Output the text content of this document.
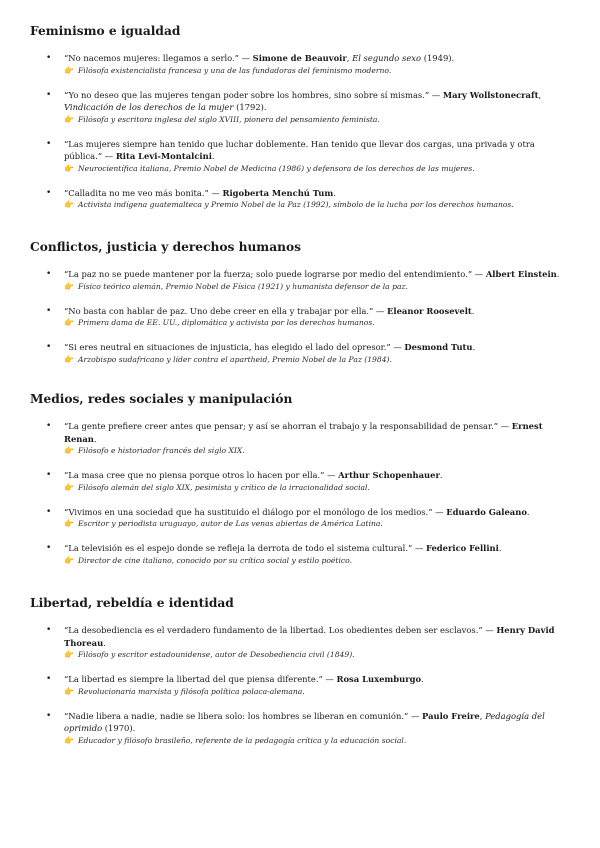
Feminismo e igualdad
• “No nacemos mujeres: llegamos a serlo.” — Simone de Beauvoir, El segundo sexo (1949).
👉 Filósofa existencialista francesa y una de las fundadoras del feminismo moderno.
• “Yo no deseo que las mujeres tengan poder sobre los hombres, sino sobre sí mismas.” — Mary Wollstonecraft, Vindicación de los derechos de la mujer (1792).
👉 Filósofa y escritora inglesa del siglo XVIII, pionera del pensamiento feminista.
• “Las mujeres siempre han tenido que luchar doblemente. Han tenido que llevar dos cargas, una privada y otra pública.” — Rita Levi-Montalcini.
👉 Neurocientífica italiana, Premio Nobel de Medicina (1986) y defensora de los derechos de las mujeres.
• “Calladita no me veo más bonita.” — Rigoberta Menchú Tum.
👉 Activista indígena guatemalteca y Premio Nobel de la Paz (1992), símbolo de la lucha por los derechos humanos.
Conflictos, justicia y derechos humanos
• “La paz no se puede mantener por la fuerza; solo puede lograrse por medio del entendimiento.” — Albert Einstein.
👉 Físico teórico alemán, Premio Nobel de Física (1921) y humanista defensor de la paz.
• “No basta con hablar de paz. Uno debe creer en ella y trabajar por ella.” — Eleanor Roosevelt.
👉 Primera dama de EE. UU., diplomática y activista por los derechos humanos.
• “Si eres neutral en situaciones de injusticia, has elegido el lado del opresor.” — Desmond Tutu.
👉 Arzobispo sudafricano y líder contra el apartheid, Premio Nobel de la Paz (1984).
Medios, redes sociales y manipulación
• “La gente prefiere creer antes que pensar; y así se ahorran el trabajo y la responsabilidad de pensar.” — Ernest Renan.
👉 Filósofo e historiador francés del siglo XIX.
• “La masa cree que no piensa porque otros lo hacen por ella.” — Arthur Schopenhauer.
👉 Filósofo alemán del siglo XIX, pesimista y crítico de la irracionalidad social.
• “Vivimos en una sociedad que ha sustituido el diálogo por el monólogo de los medios.” — Eduardo Galeano.
👉 Escritor y periodista uruguayo, autor de Las venas abiertas de América Latina.
• “La televisión es el espejo donde se refleja la derrota de todo el sistema cultural.” — Federico Fellini.
👉 Director de cine italiano, conocido por su crítica social y estilo poético.
Libertad, rebeldía e identidad
• “La desobediencia es el verdadero fundamento de la libertad. Los obedientes deben ser esclavos.” — Henry David Thoreau.
👉 Filósofo y escritor estadounidense, autor de Desobediencia civil (1849).
• “La libertad es siempre la libertad del que piensa diferente.” — Rosa Luxemburgo.
👉 Revolucionaria marxista y filósofa política polaca-alemana.
• “Nadie libera a nadie, nadie se libera solo: los hombres se liberan en comunión.” — Paulo Freire, Pedagogía del oprimido (1970).
👉 Educador y filósofo brasileño, referente de la pedagogía crítica y la educación social.
